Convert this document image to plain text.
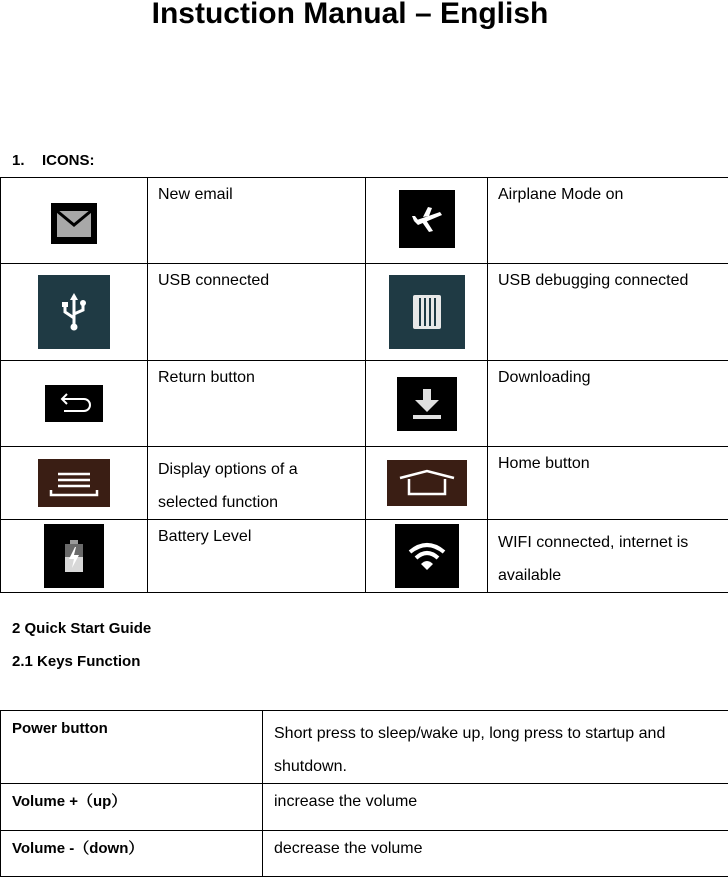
Instuction Manual – English
1. ICONS:
	New email		Airplane Mode on

	USB connected		USB debugging connected

	Return button		Downloading

	Display options of a selected function		Home button

	Battery Level		WIFI connected, internet is available
2 Quick Start Guide
2.1 Keys Function
Power button	Short press to sleep/wake up, long press to startup and shutdown.
Volume +（up）	increase the volume
Volume -（down）	decrease the volume
